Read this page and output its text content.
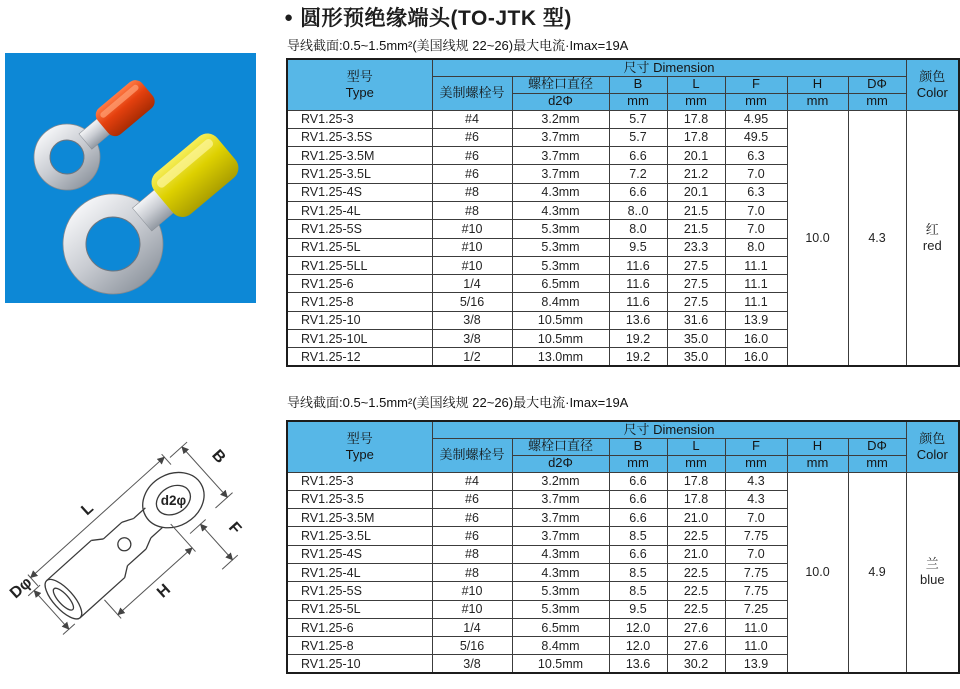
● 圆形预绝缘端头(TO-JTK 型)
导线截面:0.5~1.5mm²(美国线规 22~26)最大电流·Imax=19A
导线截面:0.5~1.5mm²(美国线规 22~26)最大电流·Imax=19A
d2φ
L
B
F
H
Dφ
型号
Type
	尺寸 Dimension	
颜色
Color

	美制螺栓号	螺栓口直径	B	L	F	H	DΦ	
		d2Φ	mm	mm	mm	mm	mm	
RV1.25-3	#4	3.2mm	5.7	17.8	4.95	10.0	4.3	红
red

RV1.25-3.5S	#6	3.7mm	5.7	17.8	49.5			
RV1.25-3.5M	#6	3.7mm	6.6	20.1	6.3			
RV1.25-3.5L	#6	3.7mm	7.2	21.2	7.0			
RV1.25-4S	#8	4.3mm	6.6	20.1	6.3			
RV1.25-4L	#8	4.3mm	8..0	21.5	7.0			
RV1.25-5S	#10	5.3mm	8.0	21.5	7.0			
RV1.25-5L	#10	5.3mm	9.5	23.3	8.0			
RV1.25-5LL	#10	5.3mm	11.6	27.5	11.1			
RV1.25-6	1/4	6.5mm	11.6	27.5	11.1			
RV1.25-8	5/16	8.4mm	11.6	27.5	11.1			
RV1.25-10	3/8	10.5mm	13.6	31.6	13.9			
RV1.25-10L	3/8	10.5mm	19.2	35.0	16.0			
RV1.25-12	1/2	13.0mm	19.2	35.0	16.0			
型号
Type
	尺寸 Dimension	
颜色
Color

	美制螺栓号	螺栓口直径	B	L	F	H	DΦ	
		d2Φ	mm	mm	mm	mm	mm	
RV1.25-3	#4	3.2mm	6.6	17.8	4.3	10.0	4.9	兰
blue

RV1.25-3.5	#6	3.7mm	6.6	17.8	4.3			
RV1.25-3.5M	#6	3.7mm	6.6	21.0	7.0			
RV1.25-3.5L	#6	3.7mm	8.5	22.5	7.75			
RV1.25-4S	#8	4.3mm	6.6	21.0	7.0			
RV1.25-4L	#8	4.3mm	8.5	22.5	7.75			
RV1.25-5S	#10	5.3mm	8.5	22.5	7.75			
RV1.25-5L	#10	5.3mm	9.5	22.5	7.25			
RV1.25-6	1/4	6.5mm	12.0	27.6	11.0			
RV1.25-8	5/16	8.4mm	12.0	27.6	11.0			
RV1.25-10	3/8	10.5mm	13.6	30.2	13.9			
